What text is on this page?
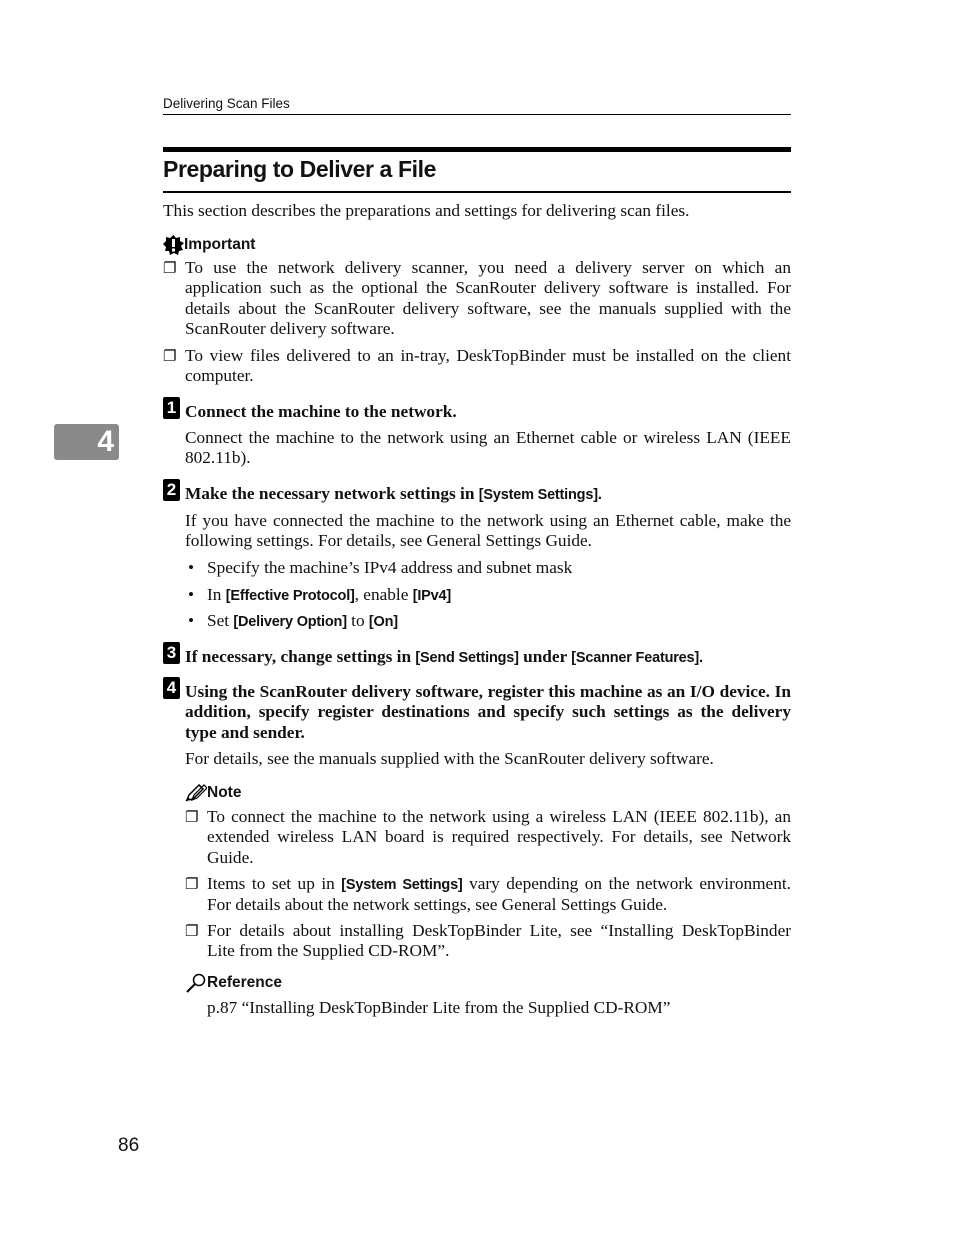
Delivering Scan Files
Preparing to Deliver a File
This section describes the preparations and settings for delivering scan files.
4
Important
❐ To use the network delivery scanner, you need a delivery server on which an application such as the optional the ScanRouter delivery software is installed. For details about the ScanRouter delivery software, see the manuals supplied with the ScanRouter delivery software.
❐ To view files delivered to an in-tray, DeskTopBinder must be installed on the client computer.
1 Connect the machine to the network.
Connect the machine to the network using an Ethernet cable or wireless LAN (IEEE 802.11b).
2 Make the necessary network settings in [System Settings].
If you have connected the machine to the network using an Ethernet cable, make the following settings. For details, see General Settings Guide.
• Specify the machine’s IPv4 address and subnet mask
• In [Effective Protocol], enable [IPv4]
• Set [Delivery Option] to [On]
3 If necessary, change settings in [Send Settings] under [Scanner Features].
4 Using the ScanRouter delivery software, register this machine as an I/O device. In addition, specify register destinations and specify such settings as the delivery type and sender.
For details, see the manuals supplied with the ScanRouter delivery software.
Note
❐ To connect the machine to the network using a wireless LAN (IEEE 802.11b), an extended wireless LAN board is required respectively. For details, see Network Guide.
❐ Items to set up in [System Settings] vary depending on the network environment. For details about the network settings, see General Settings Guide.
❐ For details about installing DeskTopBinder Lite, see “Installing DeskTopBinder Lite from the Supplied CD-ROM”.
Reference
p.87 “Installing DeskTopBinder Lite from the Supplied CD-ROM”
86
